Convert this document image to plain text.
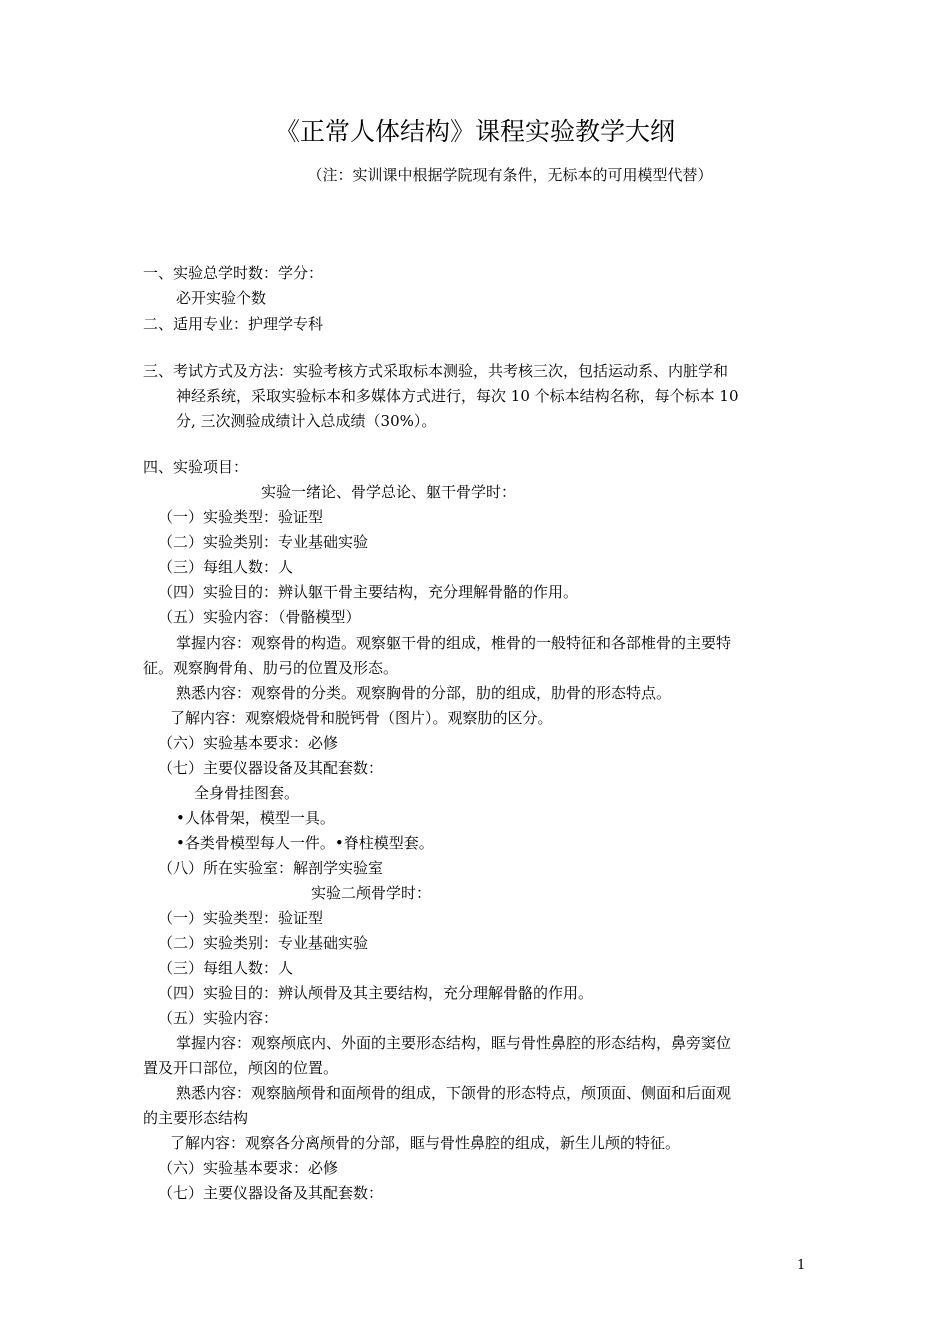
《正常人体结构》课程实验教学大纲
（注：实训课中根据学院现有条件，无标本的可用模型代替）
一、实验总学时数：学分：
必开实验个数
二、适用专业：护理学专科
三、考试方式及方法：实验考核方式采取标本测验，共考核三次，包括运动系、内脏学和
神经系统，采取实验标本和多媒体方式进行，每次 10 个标本结构名称，每个标本 10
分, 三次测验成绩计入总成绩（30%）。
四、实验项目：
实验一绪论、骨学总论、躯干骨学时：
（一）实验类型：验证型
（二）实验类别：专业基础实验
（三）每组人数：人
（四）实验目的：辨认躯干骨主要结构，充分理解骨骼的作用。
（五）实验内容：（骨骼模型）
掌握内容：观察骨的构造。观察躯干骨的组成，椎骨的一般特征和各部椎骨的主要特
征。观察胸骨角、肋弓的位置及形态。
熟悉内容：观察骨的分类。观察胸骨的分部，肋的组成，肋骨的形态特点。
了解内容：观察煅烧骨和脱钙骨（图片）。观察肋的区分。
（六）实验基本要求：必修
（七）主要仪器设备及其配套数：
全身骨挂图套。
•人体骨架，模型一具。
•各类骨模型每人一件。•脊柱模型套。
（八）所在实验室：解剖学实验室
实验二颅骨学时：
（一）实验类型：验证型
（二）实验类别：专业基础实验
（三）每组人数：人
（四）实验目的：辨认颅骨及其主要结构，充分理解骨骼的作用。
（五）实验内容：
掌握内容：观察颅底内、外面的主要形态结构，眶与骨性鼻腔的形态结构，鼻旁窦位
置及开口部位，颅囟的位置。
熟悉内容：观察脑颅骨和面颅骨的组成，下颌骨的形态特点，颅顶面、侧面和后面观
的主要形态结构
了解内容：观察各分离颅骨的分部，眶与骨性鼻腔的组成，新生儿颅的特征。
（六）实验基本要求：必修
（七）主要仪器设备及其配套数：
1
